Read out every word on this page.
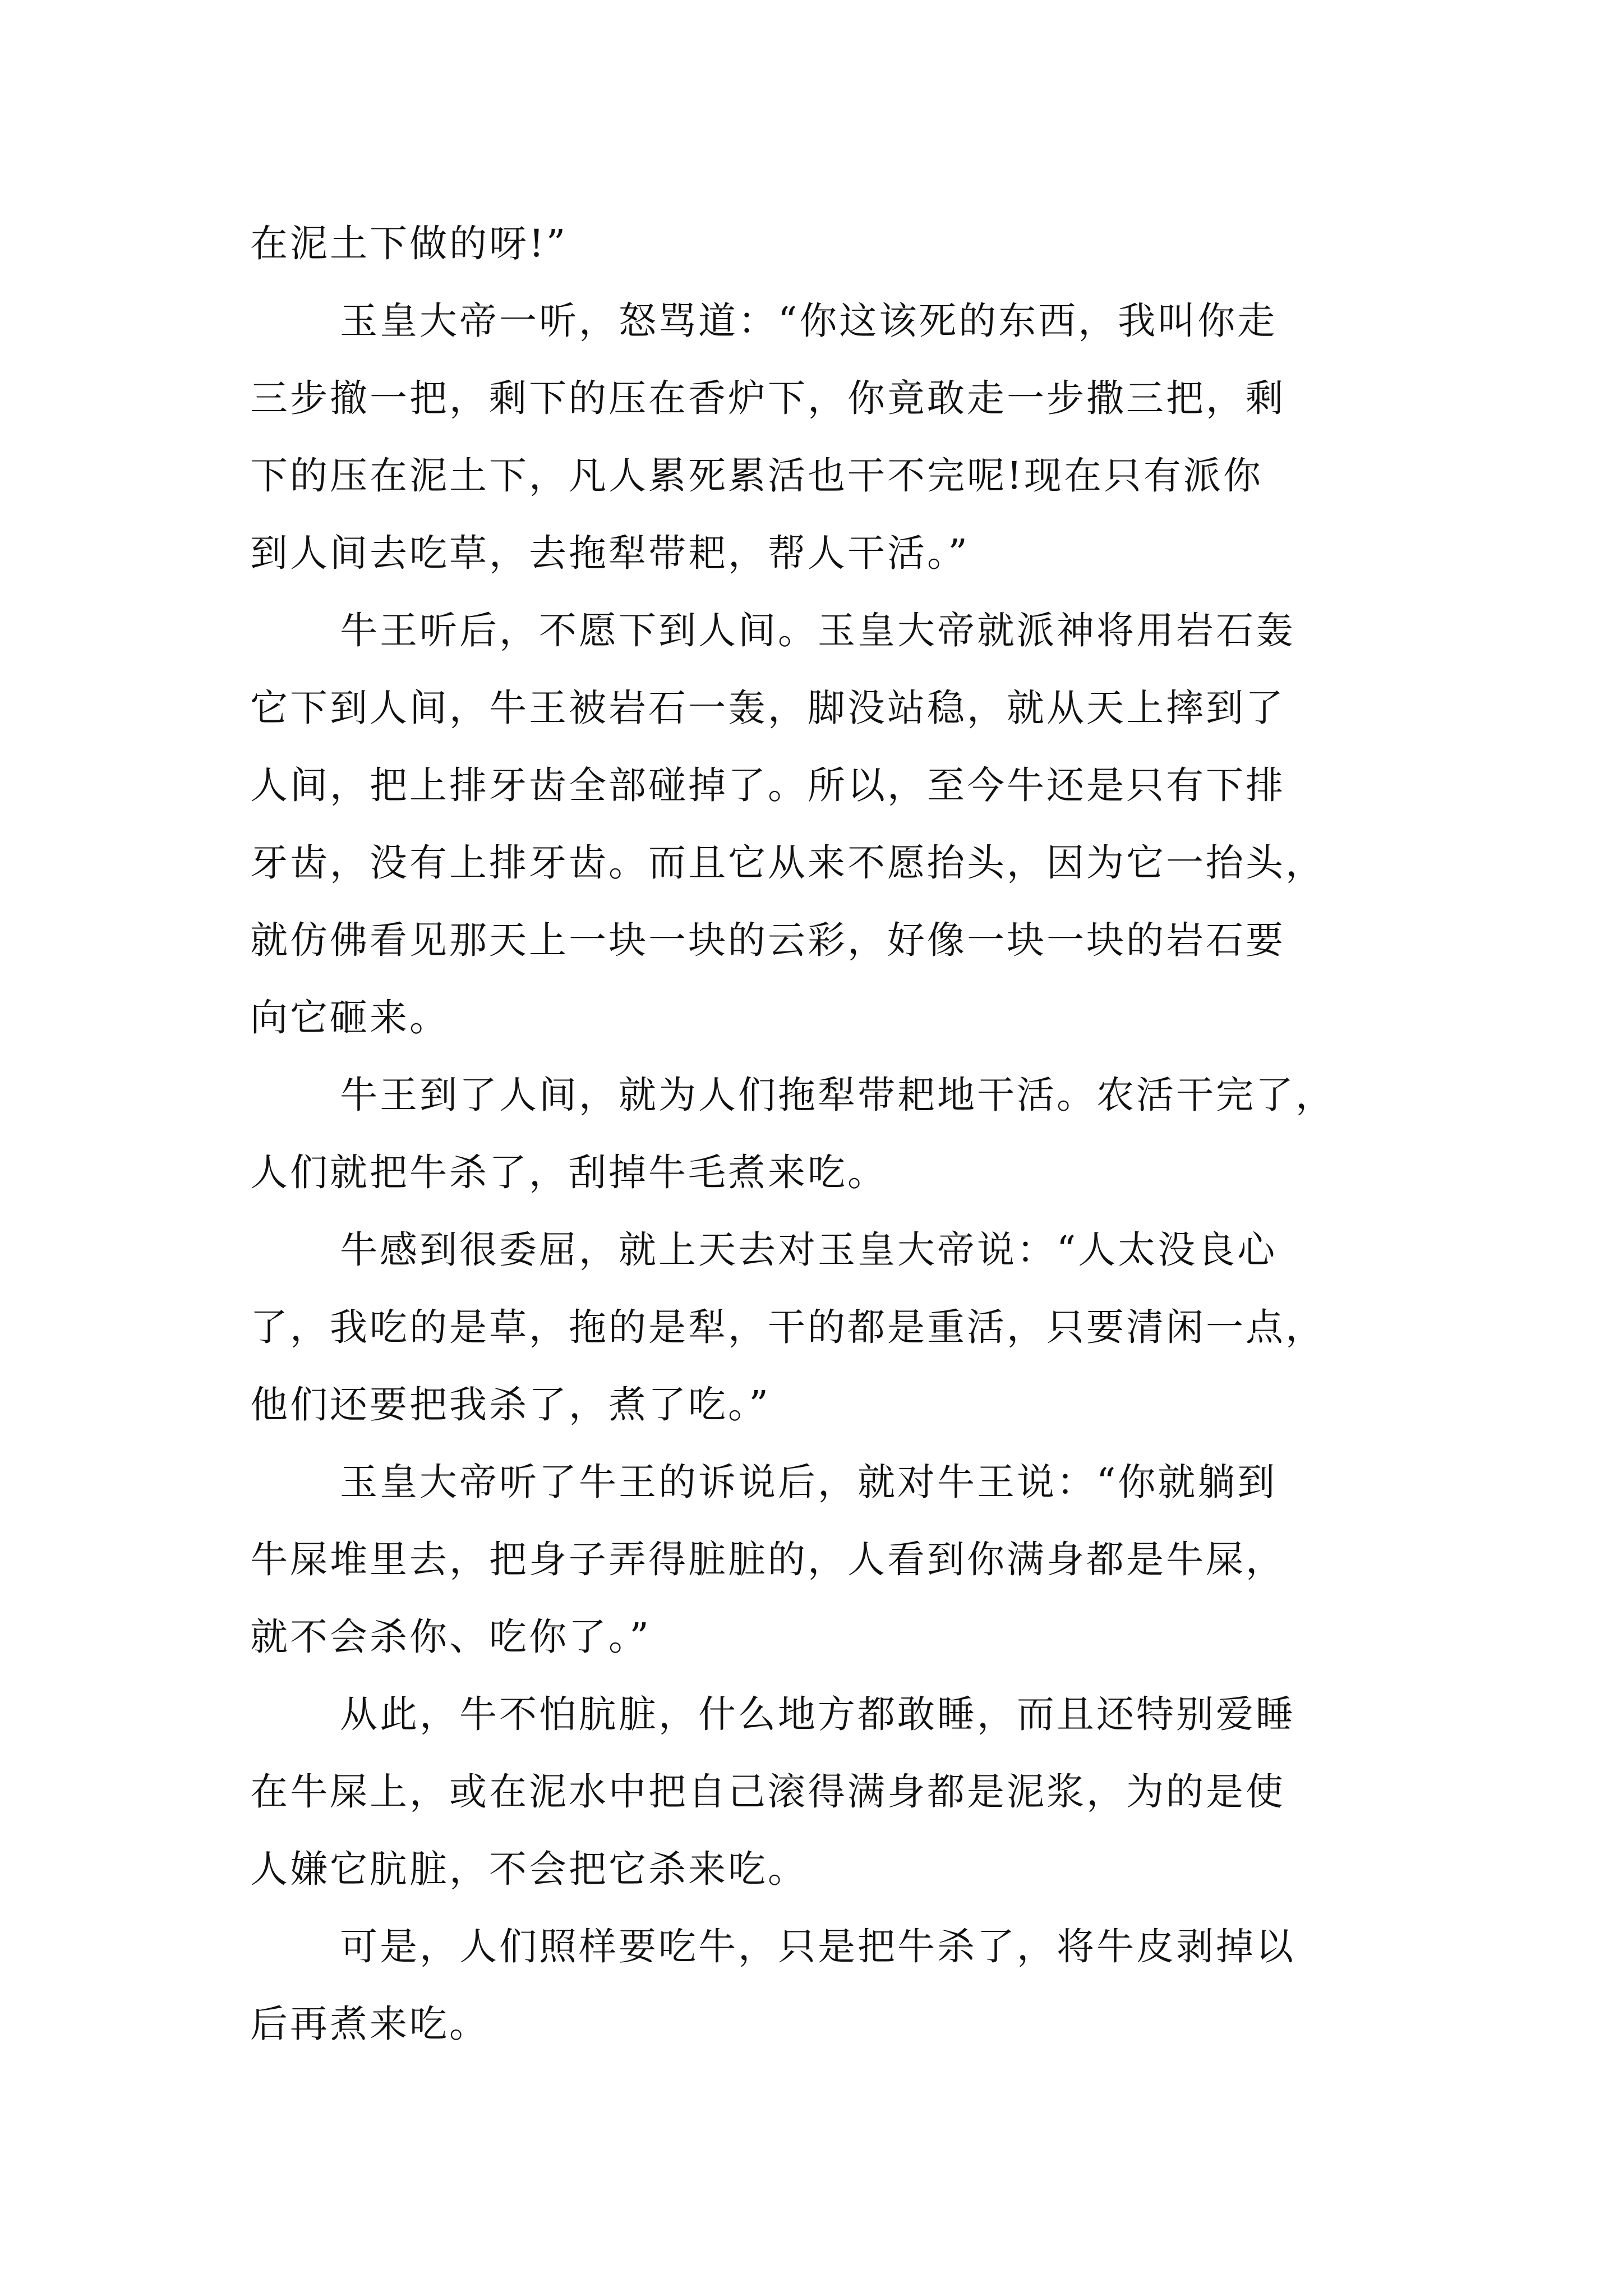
在泥土下做的呀!”
玉皇大帝一听，怒骂道：“你这该死的东西，我叫你走
三步撤一把，剩下的压在香炉下，你竟敢走一步撒三把，剩
下的压在泥土下，凡人累死累活也干不完呢!现在只有派你
到人间去吃草，去拖犁带耙，帮人干活。”
牛王听后，不愿下到人间。玉皇大帝就派神将用岩石轰
它下到人间，牛王被岩石一轰，脚没站稳，就从天上摔到了
人间，把上排牙齿全部碰掉了。所以，至今牛还是只有下排
牙齿，没有上排牙齿。而且它从来不愿抬头，因为它一抬头，
就仿佛看见那天上一块一块的云彩，好像一块一块的岩石要
向它砸来。
牛王到了人间，就为人们拖犁带耙地干活。农活干完了，
人们就把牛杀了，刮掉牛毛煮来吃。
牛感到很委屈，就上天去对玉皇大帝说：“人太没良心
了，我吃的是草，拖的是犁，干的都是重活，只要清闲一点，
他们还要把我杀了，煮了吃。”
玉皇大帝听了牛王的诉说后，就对牛王说：“你就躺到
牛屎堆里去，把身子弄得脏脏的，人看到你满身都是牛屎，
就不会杀你、吃你了。”
从此，牛不怕肮脏，什么地方都敢睡，而且还特别爱睡
在牛屎上，或在泥水中把自己滚得满身都是泥浆，为的是使
人嫌它肮脏，不会把它杀来吃。
可是，人们照样要吃牛，只是把牛杀了，将牛皮剥掉以
后再煮来吃。
